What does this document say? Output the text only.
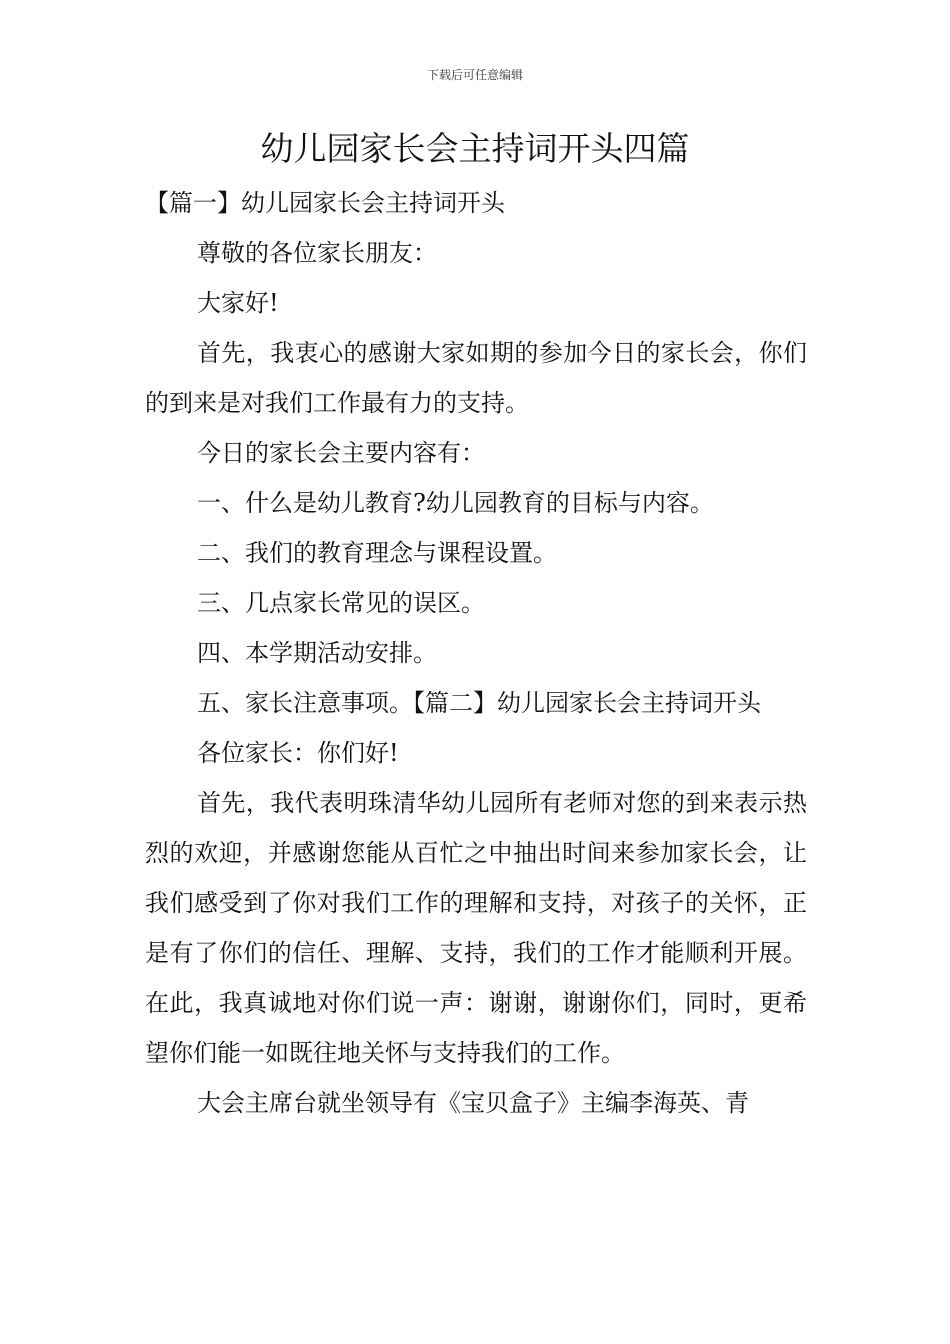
下载后可任意编辑
幼儿园家长会主持词开头四篇

【篇一】幼儿园家长会主持词开头

尊敬的各位家长朋友：

大家好!

首先，我衷心的感谢大家如期的参加今日的家长会，你们的到来是对我们工作最有力的支持。

今日的家长会主要内容有：

一、什么是幼儿教育?幼儿园教育的目标与内容。

二、我们的教育理念与课程设置。

三、几点家长常见的误区。

四、本学期活动安排。

五、家长注意事项。【篇二】幼儿园家长会主持词开头

各位家长：你们好!

首先，我代表明珠清华幼儿园所有老师对您的到来表示热烈的欢迎，并感谢您能从百忙之中抽出时间来参加家长会，让我们感受到了你对我们工作的理解和支持，对孩子的关怀，正是有了你们的信任、理解、支持，我们的工作才能顺利开展。在此，我真诚地对你们说一声：谢谢，谢谢你们，同时，更希望你们能一如既往地关怀与支持我们的工作。

大会主席台就坐领导有《宝贝盒子》主编李海英、青
